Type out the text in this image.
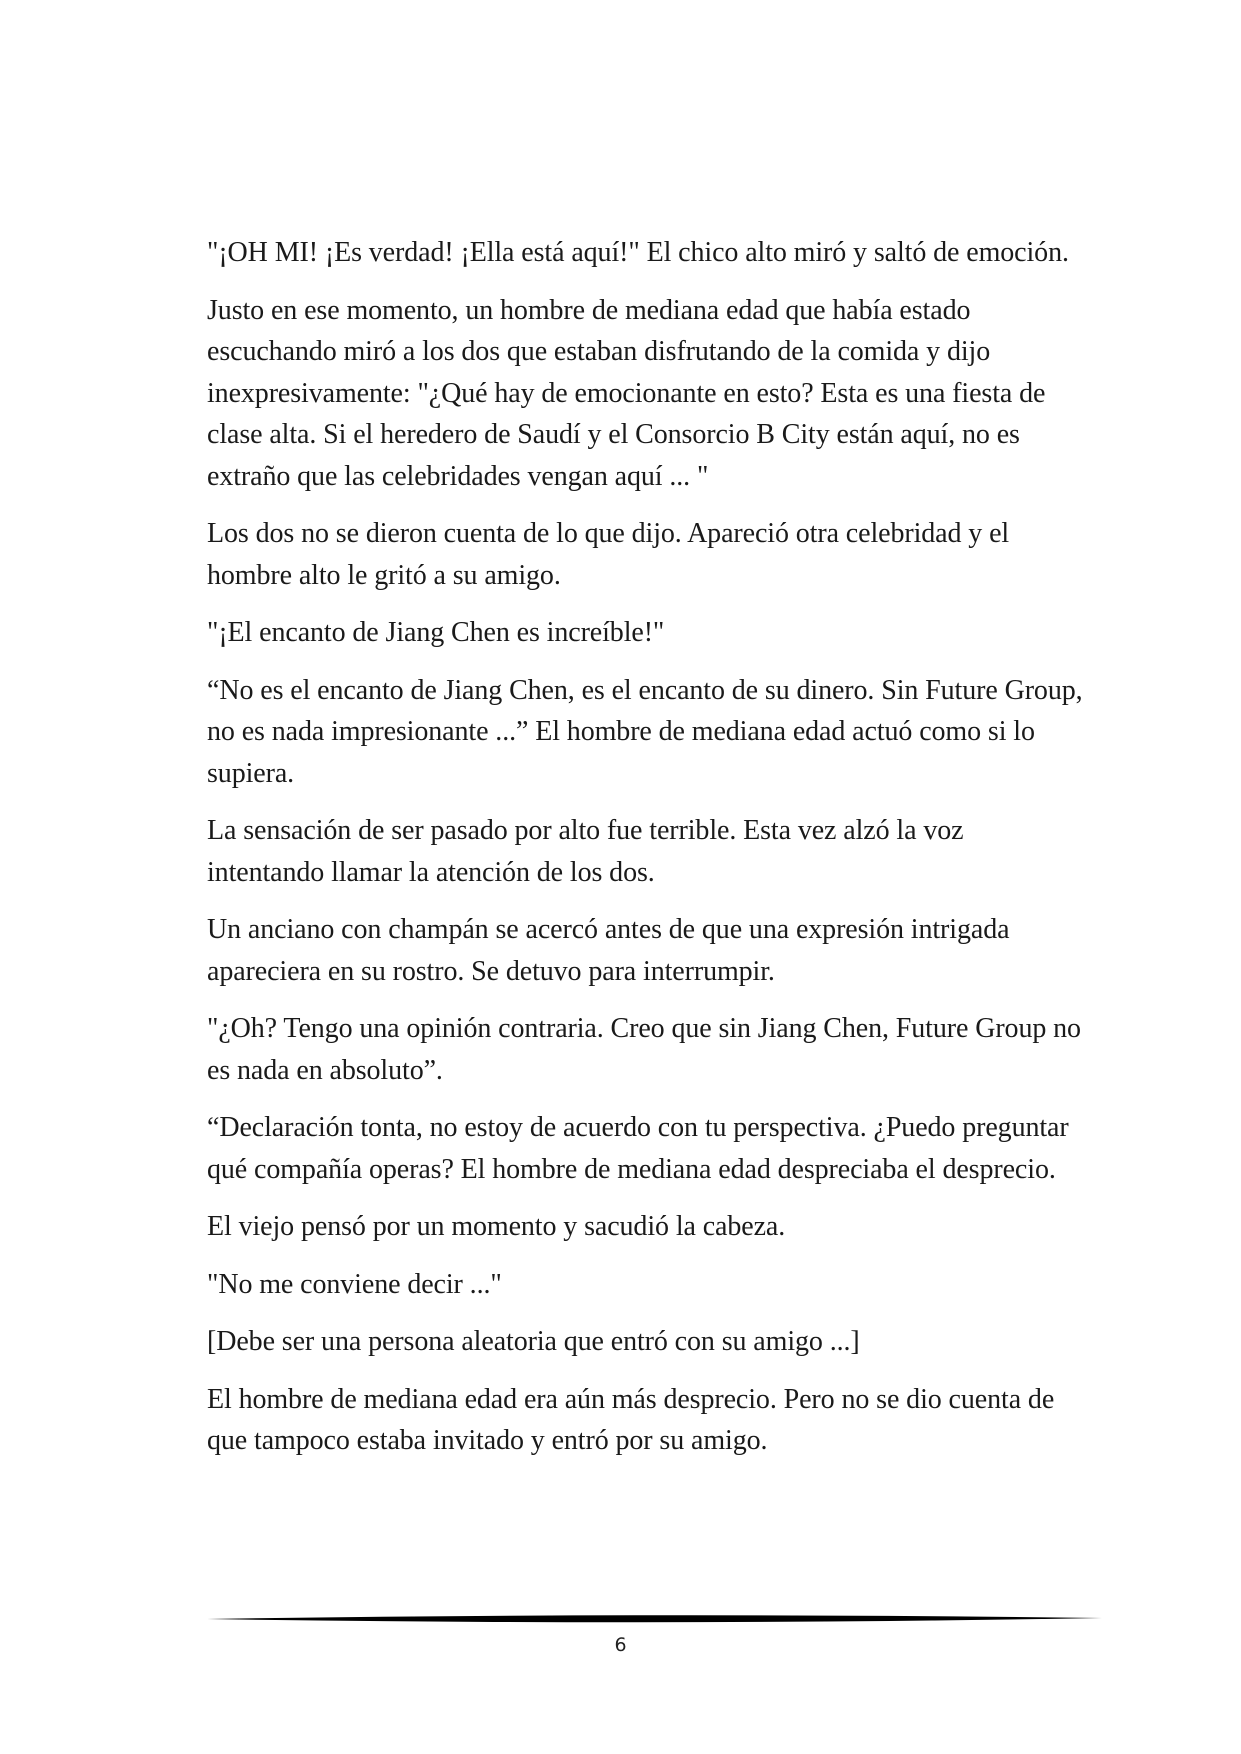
"¡OH MI! ¡Es verdad! ¡Ella está aquí!" El chico alto miró y saltó de emoción.

Justo en ese momento, un hombre de mediana edad que había estado escuchando miró a los dos que estaban disfrutando de la comida y dijo inexpresivamente: "¿Qué hay de emocionante en esto? Esta es una fiesta de clase alta. Si el heredero de Saudí y el Consorcio B City están aquí, no es extraño que las celebridades vengan aquí ... "

Los dos no se dieron cuenta de lo que dijo. Apareció otra celebridad y el hombre alto le gritó a su amigo.

"¡El encanto de Jiang Chen es increíble!"

“No es el encanto de Jiang Chen, es el encanto de su dinero. Sin Future Group, no es nada impresionante ...” El hombre de mediana edad actuó como si lo supiera.

La sensación de ser pasado por alto fue terrible. Esta vez alzó la voz intentando llamar la atención de los dos.

Un anciano con champán se acercó antes de que una expresión intrigada apareciera en su rostro. Se detuvo para interrumpir.

"¿Oh? Tengo una opinión contraria. Creo que sin Jiang Chen, Future Group no es nada en absoluto”.

“Declaración tonta, no estoy de acuerdo con tu perspectiva. ¿Puedo preguntar qué compañía operas? El hombre de mediana edad despreciaba el desprecio.

El viejo pensó por un momento y sacudió la cabeza.

"No me conviene decir ..."

[Debe ser una persona aleatoria que entró con su amigo ...]

El hombre de mediana edad era aún más desprecio. Pero no se dio cuenta de que tampoco estaba invitado y entró por su amigo.

6
